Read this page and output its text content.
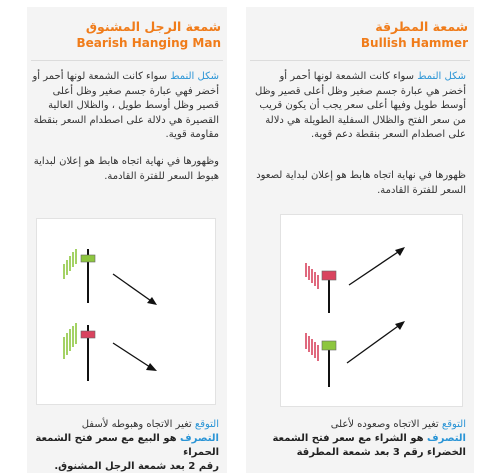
شمعة الرجل المشنوق
Bearish Hanging Man
شكل النمط سواء كانت الشمعة لونها أحمر أو أخضر فهي عبارة جسم صغير وظل أعلى قصير وظل أوسط طويل ، والظلال العالية القصيرة هي دلالة على اصطدام السعر بنقطة مقاومة قوية.
وظهورها في نهاية اتجاه هابط هو إعلان لبداية هبوط السعر للفترة القادمة.
التوقع تغير الاتجاه وهبوطه لأسفل
التصرف هو البيع مع سعر فتح الشمعة الحمراء
رقم 2 بعد شمعة الرجل المشنوق.
شمعة المطرقة
Bullish Hammer
شكل النمط سواء كانت الشمعة لونها أحمر أو أخضر هي عبارة جسم صغير وظل أعلى قصير وظل أوسط طويل وفيها أعلى سعر يجب أن يكون قريب من سعر الفتح والظلال السفلية الطويلة هي دلالة على اصطدام السعر بنقطة دعم قوية.
ظهورها في نهاية اتجاه هابط هو إعلان لبداية لصعود السعر للفترة القادمة.
التوقع تغير الاتجاه وصعوده لأعلى
التصرف هو الشراء مع سعر فتح الشمعة
الخضراء رقم 3 بعد شمعة المطرقة
